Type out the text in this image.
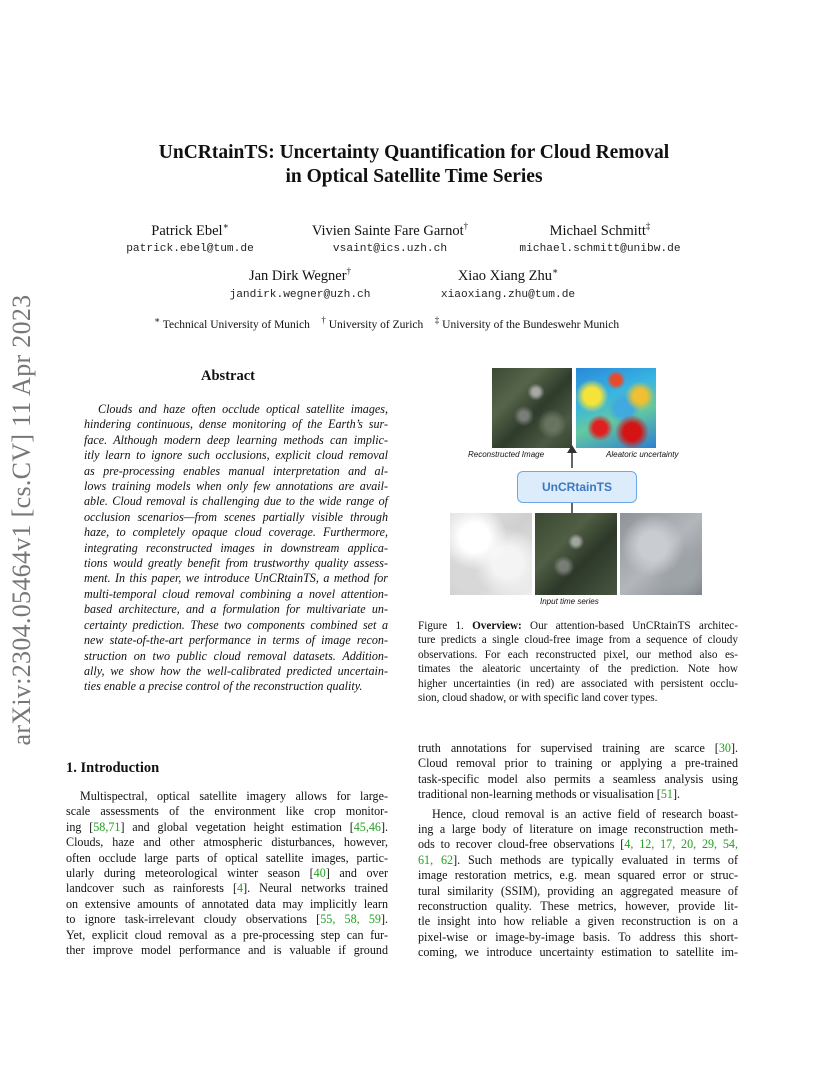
arXiv:2304.05464v1 [cs.CV] 11 Apr 2023
UnCRtainTS: Uncertainty Quantification for Cloud Removal
in Optical Satellite Time Series
Patrick Ebel∗
patrick.ebel@tum.de
Vivien Sainte Fare Garnot†
vsaint@ics.uzh.ch
Michael Schmitt‡
michael.schmitt@unibw.de
Jan Dirk Wegner†
jandirk.wegner@uzh.ch
Xiao Xiang Zhu∗
xiaoxiang.zhu@tum.de
∗ Technical University of Munich † University of Zurich ‡ University of the Bundeswehr Munich
Abstract
Clouds and haze often occlude optical satellite images,
hindering continuous, dense monitoring of the Earth’s sur-
face. Although modern deep learning methods can implic-
itly learn to ignore such occlusions, explicit cloud removal
as pre-processing enables manual interpretation and al-
lows training models when only few annotations are avail-
able. Cloud removal is challenging due to the wide range of
occlusion scenarios—from scenes partially visible through
haze, to completely opaque cloud coverage. Furthermore,
integrating reconstructed images in downstream applica-
tions would greatly benefit from trustworthy quality assess-
ment. In this paper, we introduce UnCRtainTS, a method for
multi-temporal cloud removal combining a novel attention-
based architecture, and a formulation for multivariate un-
certainty prediction. These two components combined set a
new state-of-the-art performance in terms of image recon-
struction on two public cloud removal datasets. Addition-
ally, we show how the well-calibrated predicted uncertain-
ties enable a precise control of the reconstruction quality.
Reconstructed Image	Aleatoric uncertainty
Input time series
UnCRtainTS
Figure 1. Overview: Our attention-based UnCRtainTS architec-
ture predicts a single cloud-free image from a sequence of cloudy
observations. For each reconstructed pixel, our method also es-
timates the aleatoric uncertainty of the prediction. Note how
higher uncertainties (in red) are associated with persistent occlu-
sion, cloud shadow, or with specific land cover types.
1. Introduction
Multispectral, optical satellite imagery allows for large-
scale assessments of the environment like crop monitor-
ing [58,71] and global vegetation height estimation [45,46].
Clouds, haze and other atmospheric disturbances, however,
often occlude large parts of optical satellite images, partic-
ularly during meteorological winter season [40] and over
landcover such as rainforests [4]. Neural networks trained
on extensive amounts of annotated data may implicitly learn
to ignore task-irrelevant cloudy observations [55, 58, 59].
Yet, explicit cloud removal as a pre-processing step can fur-
ther improve model performance and is valuable if ground
truth annotations for supervised training are scarce [30].
Cloud removal prior to training or applying a pre-trained
task-specific model also permits a seamless analysis using
traditional non-learning methods or visualisation [51].
Hence, cloud removal is an active field of research boast-
ing a large body of literature on image reconstruction meth-
ods to recover cloud-free observations [4, 12, 17, 20, 29, 54,
61, 62]. Such methods are typically evaluated in terms of
image restoration metrics, e.g. mean squared error or struc-
tural similarity (SSIM), providing an aggregated measure of
reconstruction quality. These metrics, however, provide lit-
tle insight into how reliable a given reconstruction is on a
pixel-wise or image-by-image basis. To address this short-
coming, we introduce uncertainty estimation to satellite im-
